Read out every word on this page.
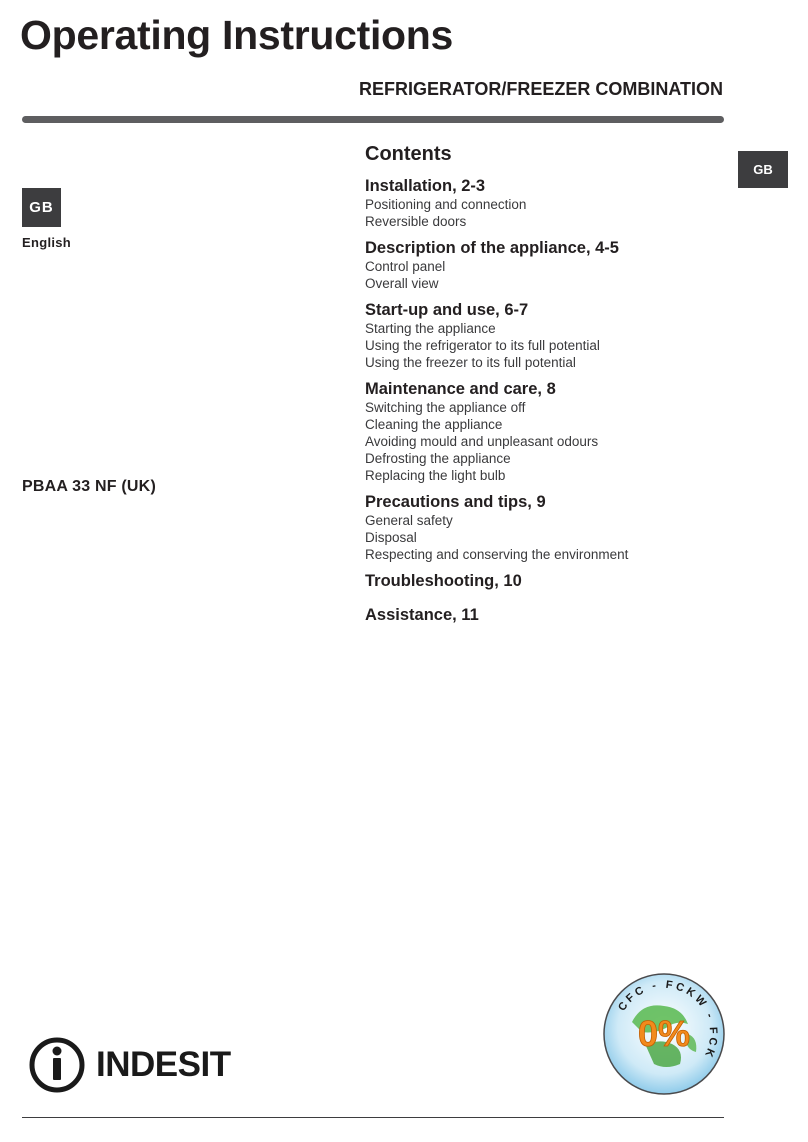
Operating Instructions
REFRIGERATOR/FREEZER COMBINATION
GB
English
GB
PBAA 33 NF (UK)
Contents
Installation, 2-3
Positioning and connection
Reversible doors
Description of the appliance, 4-5
Control panel
Overall view
Start-up and use, 6-7
Starting the appliance
Using the refrigerator to its full potential
Using the freezer to its full potential
Maintenance and care, 8
Switching the appliance off
Cleaning the appliance
Avoiding mould and unpleasant odours
Defrosting the appliance
Replacing the light bulb
Precautions and tips, 9
General safety
Disposal
Respecting and conserving the environment
Troubleshooting, 10
Assistance, 11
INDESIT
CFC - FCKW - FCK
0%
